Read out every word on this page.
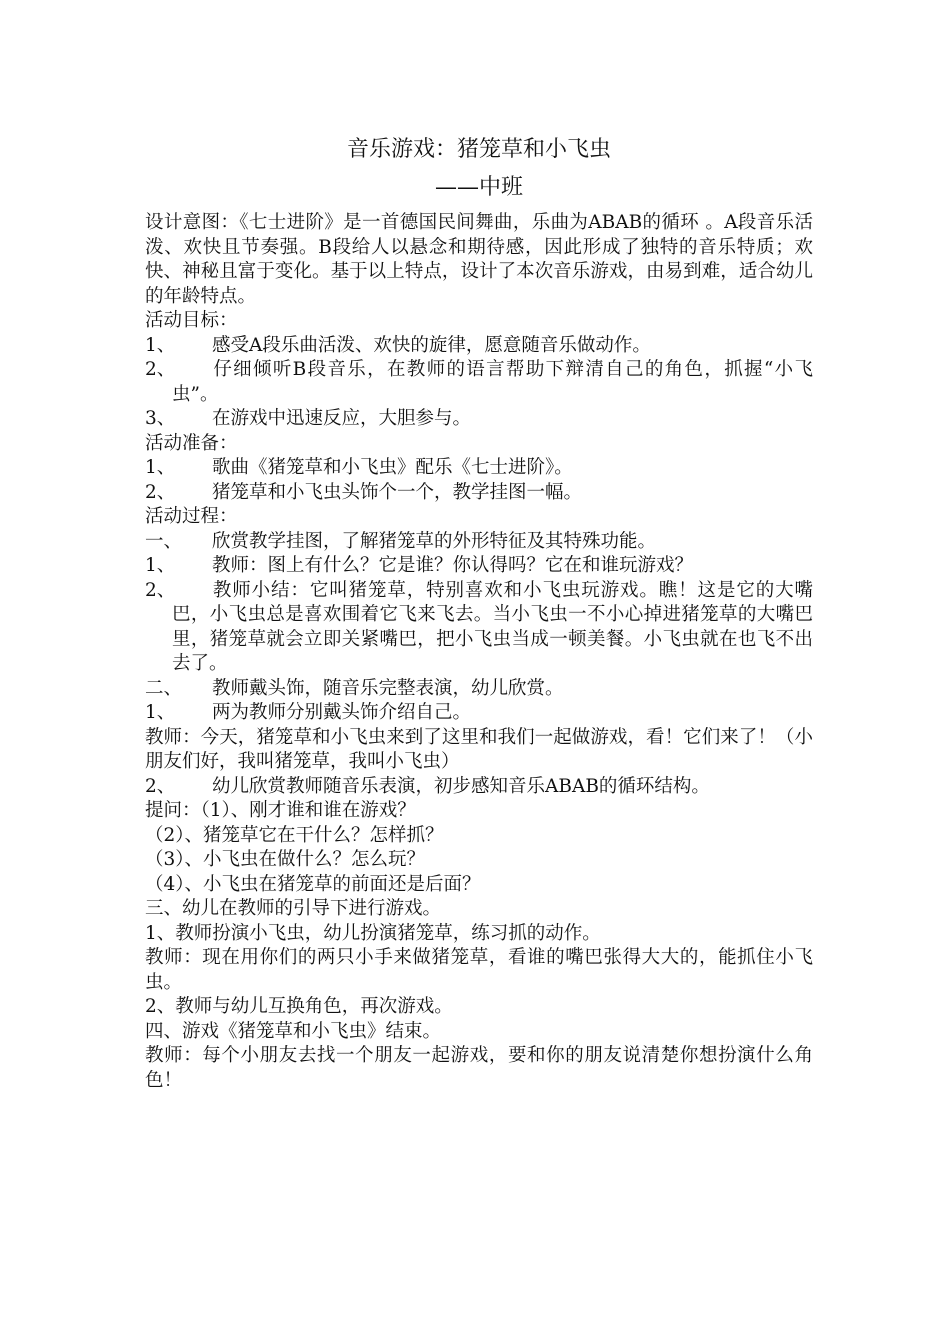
音乐游戏：猪笼草和小飞虫
——中班

设计意图：《七士进阶》是一首德国民间舞曲，乐曲为ABAB的循环 。A段音乐活泼、欢快且节奏强。B段给人以悬念和期待感，因此形成了独特的音乐特质；欢快、神秘且富于变化。基于以上特点，设计了本次音乐游戏，由易到难，适合幼儿的年龄特点。

活动目标：

1、 感受A段乐曲活泼、欢快的旋律，愿意随音乐做动作。

2、 仔细倾听B段音乐，在教师的语言帮助下辩清自己的角色，抓握“小飞虫”。

3、 在游戏中迅速反应，大胆参与。

活动准备：

1、 歌曲《猪笼草和小飞虫》配乐《七士进阶》。

2、 猪笼草和小飞虫头饰个一个，教学挂图一幅。

活动过程：

一、 欣赏教学挂图，了解猪笼草的外形特征及其特殊功能。

1、 教师：图上有什么？它是谁？你认得吗？它在和谁玩游戏？

2、 教师小结：它叫猪笼草，特别喜欢和小飞虫玩游戏。瞧！这是它的大嘴巴，小飞虫总是喜欢围着它飞来飞去。当小飞虫一不小心掉进猪笼草的大嘴巴里，猪笼草就会立即关紧嘴巴，把小飞虫当成一顿美餐。小飞虫就在也飞不出去了。

二、 教师戴头饰，随音乐完整表演，幼儿欣赏。

1、 两为教师分别戴头饰介绍自己。

教师：今天，猪笼草和小飞虫来到了这里和我们一起做游戏，看！它们来了！（小朋友们好，我叫猪笼草，我叫小飞虫）

2、 幼儿欣赏教师随音乐表演，初步感知音乐ABAB的循环结构。

提问：（1）、刚才谁和谁在游戏？

（2）、猪笼草它在干什么？怎样抓？

（3）、小飞虫在做什么？怎么玩？

（4）、小飞虫在猪笼草的前面还是后面？

三、幼儿在教师的引导下进行游戏。

1、教师扮演小飞虫，幼儿扮演猪笼草，练习抓的动作。

教师：现在用你们的两只小手来做猪笼草，看谁的嘴巴张得大大的，能抓住小飞虫。

2、教师与幼儿互换角色，再次游戏。

四、游戏《猪笼草和小飞虫》结束。

教师：每个小朋友去找一个朋友一起游戏，要和你的朋友说清楚你想扮演什么角色！
